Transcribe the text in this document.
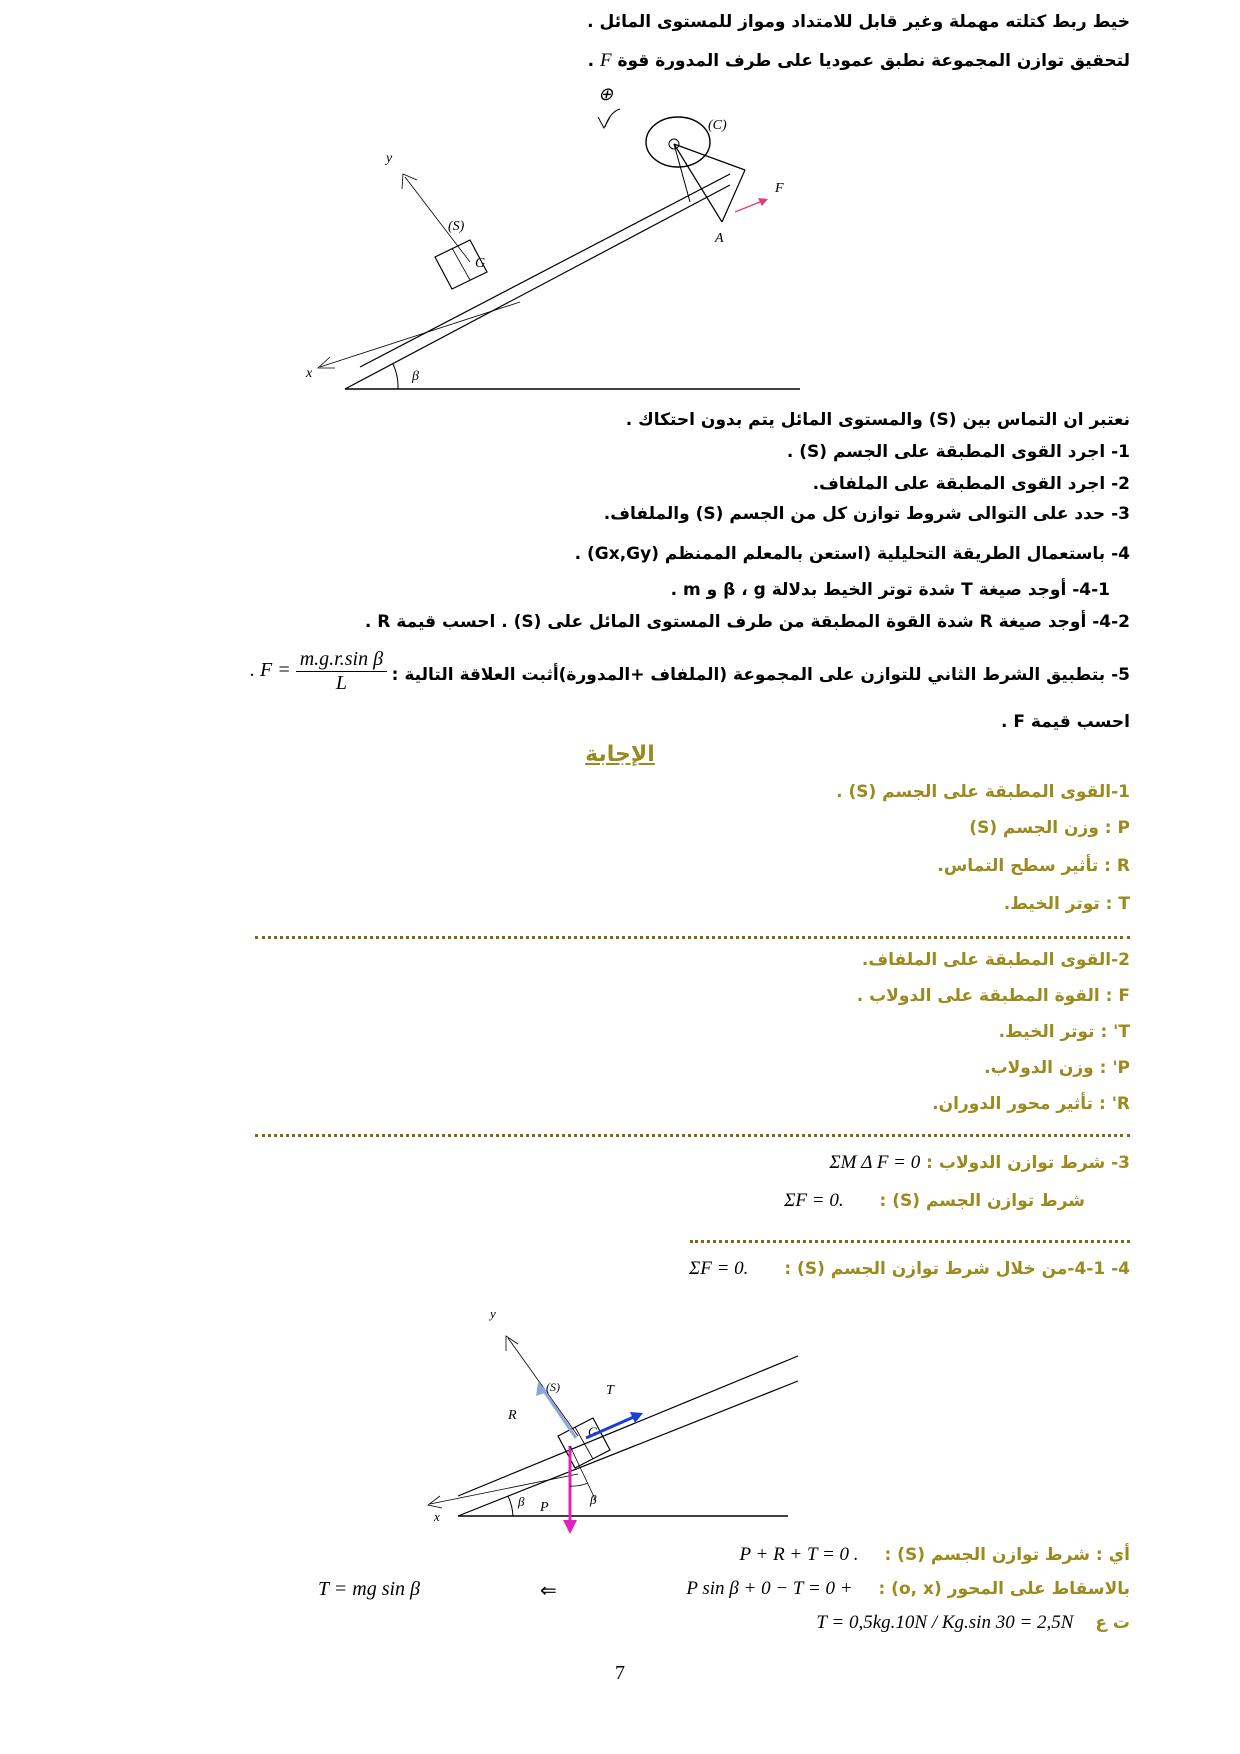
خيط ربط كتلته مهملة وغير قابل للامتداد ومواز للمستوى المائل .
لتحقيق توازن المجموعة نطبق عموديا على طرف المدورة قوة F .
x	β
(S)
G
y
(C)
A
F
⊕
نعتبر ان التماس بين (S) والمستوى المائل يتم بدون احتكاك .
1- اجرد القوى المطبقة على الجسم (S) .
2- اجرد القوى المطبقة على الملفاف.
3- حدد على التوالى شروط توازن كل من الجسم (S) والملفاف.
4- باستعمال الطريقة التحليلية (استعن بالمعلم الممنظم (Gx,Gy) .
4-1- أوجد صيغة T شدة توتر الخيط بدلالة β ، g و m .
4-2- أوجد صيغة R شدة القوة المطبقة من طرف المستوى المائل على (S) . احسب قيمة R .
5- بتطبيق الشرط الثاني للتوازن على المجموعة (الملفاف +المدورة)أثبت العلاقة التالية :
. $F = \frac{\text{m.g.r.sin β}}{L}$
احسب قيمة F .
الإجابة
1-القوى المطبقة على الجسم (S) .
P : وزن الجسم (S)
R : تأثير سطح التماس.
T : توتر الخيط.
2-القوى المطبقة على الملفاف.
F : القوة المطبقة على الدولاب .
T' : توتر الخيط.
P' : وزن الدولاب.
R' : تأثير محور الدوران.
3- شرط توازن الدولاب : ΣM Δ F = 0
شرط توازن الجسم (S) : .ΣF = 0
4- 4-1-من خلال شرط توازن الجسم (S) : .ΣF = 0
x
β
G
y
R
(S)	T
P
β
أي : شرط توازن الجسم (S) : . P + R + T = 0
بالاسقاط على المحور (o, x) : + P sin β + 0 − T = 0
⇐
T = mg sin β
ت ع T = 0,5kg.10N / Kg.sin 30 = 2,5N
7
